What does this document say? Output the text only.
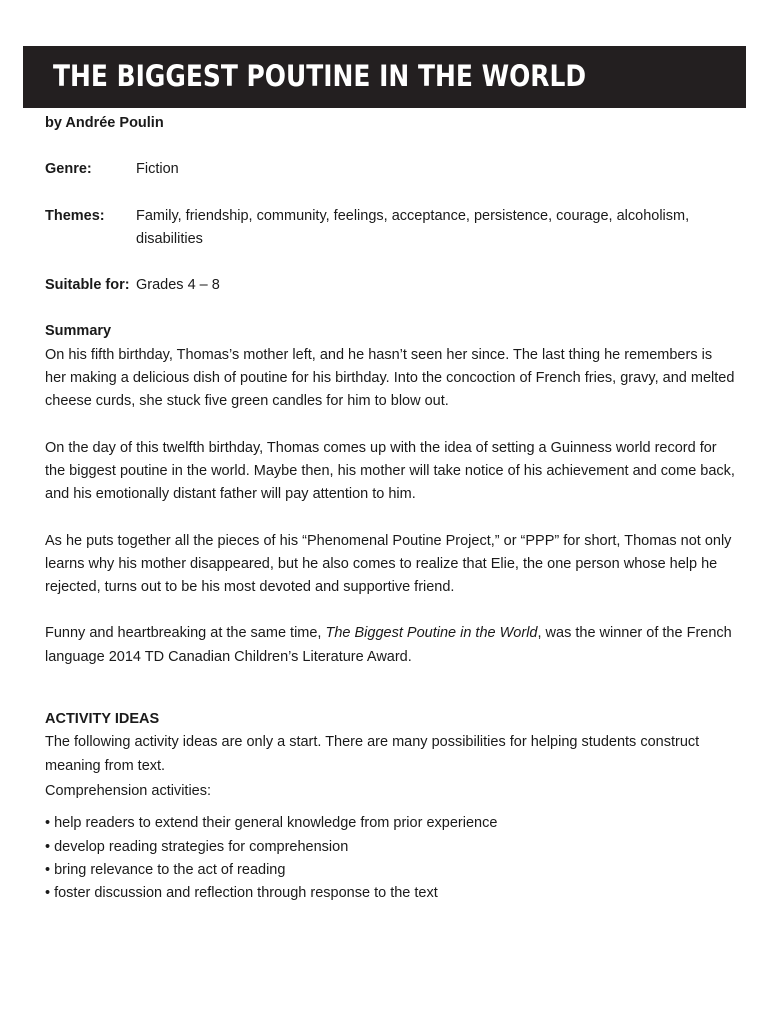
THE BIGGEST POUTINE IN THE WORLD
by Andrée Poulin
Genre:	Fiction
Themes:	Family, friendship, community, feelings, acceptance, persistence, courage, alcoholism, disabilities
Suitable for: Grades 4 – 8
Summary

On his fifth birthday, Thomas’s mother left, and he hasn’t seen her since. The last thing he remembers is her making a delicious dish of poutine for his birthday. Into the concoction of French fries, gravy, and melted cheese curds, she stuck five green candles for him to blow out.

On the day of this twelfth birthday, Thomas comes up with the idea of setting a Guinness world record for the biggest poutine in the world. Maybe then, his mother will take notice of his achievement and come back, and his emotionally distant father will pay attention to him.

As he puts together all the pieces of his “Phenomenal Poutine Project,” or “PPP” for short, Thomas not only learns why his mother disappeared, but he also comes to realize that Elie, the one person whose help he rejected, turns out to be his most devoted and supportive friend.

Funny and heartbreaking at the same time, The Biggest Poutine in the World, was the winner of the French language 2014 TD Canadian Children’s Literature Award.

ACTIVITY IDEAS

The following activity ideas are only a start. There are many possibilities for helping students construct meaning from text.

Comprehension activities:
• help readers to extend their general knowledge from prior experience
• develop reading strategies for comprehension
• bring relevance to the act of reading
• foster discussion and reflection through response to the text
